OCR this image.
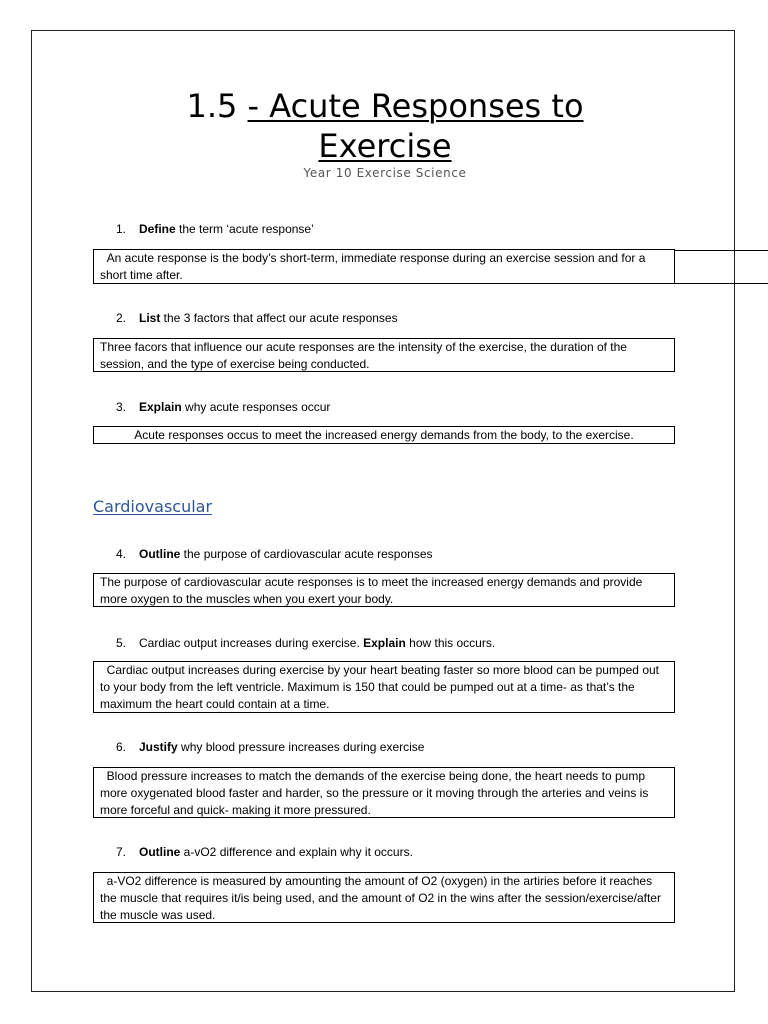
1.5 - Acute Responses to
Exercise
Year 10 Exercise Science
1. Define the term ‘acute response’
An acute response is the body’s short-term, immediate response during an exercise session and for a short time after.
2. List the 3 factors that affect our acute responses
Three facors that influence our acute responses are the intensity of the exercise, the duration of the session, and the type of exercise being conducted.
3. Explain why acute responses occur
Acute responses occus to meet the increased energy demands from the body, to the exercise.
Cardiovascular
4. Outline the purpose of cardiovascular acute responses
The purpose of cardiovascular acute responses is to meet the increased energy demands and provide more oxygen to the muscles when you exert your body.
5. Cardiac output increases during exercise. Explain how this occurs.
Cardiac output increases during exercise by your heart beating faster so more blood can be pumped out to your body from the left ventricle. Maximum is 150 that could be pumped out at a time- as that’s the maximum the heart could contain at a time.
6. Justify why blood pressure increases during exercise
Blood pressure increases to match the demands of the exercise being done, the heart needs to pump more oxygenated blood faster and harder, so the pressure or it moving through the arteries and veins is more forceful and quick- making it more pressured.
7. Outline a-vO2 difference and explain why it occurs.
a-VO2 difference is measured by amounting the amount of O2 (oxygen) in the artiries before it reaches the muscle that requires it/is being used, and the amount of O2 in the wins after the session/exercise/after the muscle was used.
